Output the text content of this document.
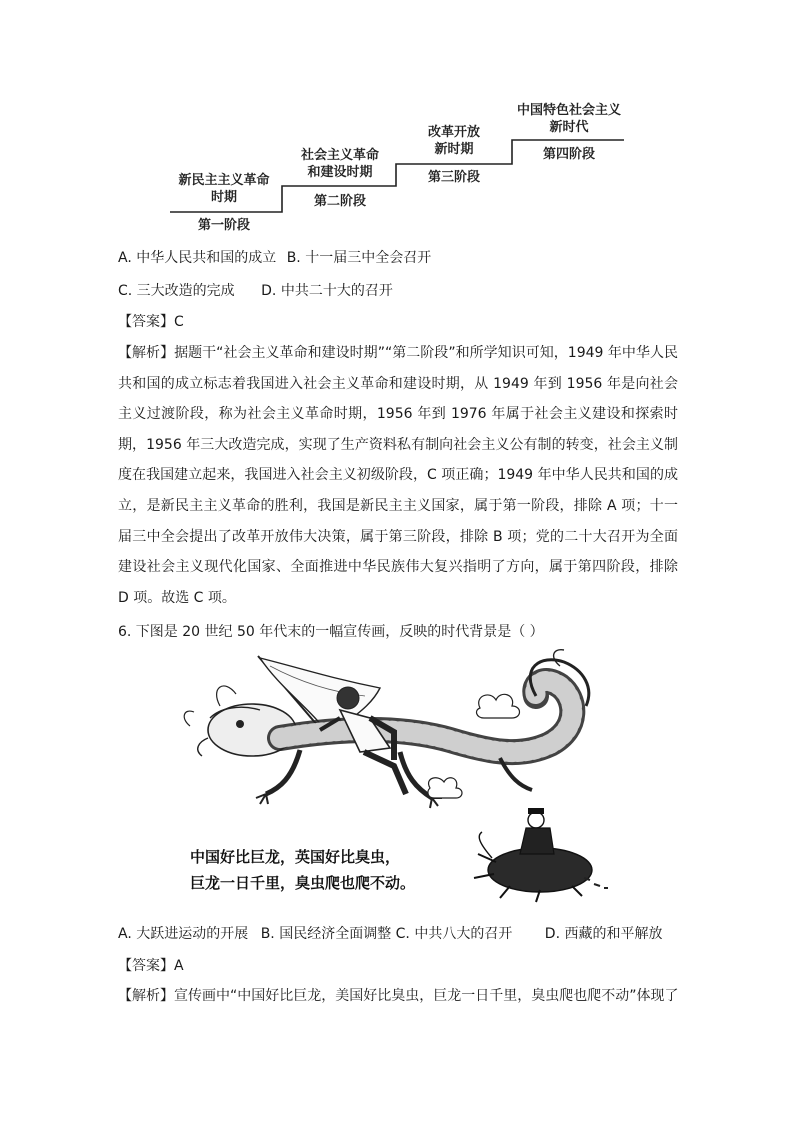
新民主主义革命
时期
第一阶段
社会主义革命
和建设时期
第二阶段
改革开放
新时期
第三阶段
中国特色社会主义
新时代
第四阶段
A. 中华人民共和国的成立 B. 十一届三中全会召开
C. 三大改造的完成 D. 中共二十大的召开
【答案】C
【解析】据题干“社会主义革命和建设时期”“第二阶段”和所学知识可知，1949 年中华人民共和国的成立标志着我国进入社会主义革命和建设时期，从 1949 年到 1956 年是向社会主义过渡阶段，称为社会主义革命时期，1956 年到 1976 年属于社会主义建设和探索时期，1956 年三大改造完成，实现了生产资料私有制向社会主义公有制的转变，社会主义制度在我国建立起来，我国进入社会主义初级阶段，C 项正确；1949 年中华人民共和国的成立，是新民主主义革命的胜利，我国是新民主主义国家，属于第一阶段，排除 A 项；十一届三中全会提出了改革开放伟大决策，属于第三阶段，排除 B 项；党的二十大召开为全面建设社会主义现代化国家、全面推进中华民族伟大复兴指明了方向，属于第四阶段，排除 D 项。故选 C 项。
6. 下图是 20 世纪 50 年代末的一幅宣传画，反映的时代背景是（ ）
中国好比巨龙，英国好比臭虫，
巨龙一日千里，臭虫爬也爬不动。
A. 大跃进运动的开展 B. 国民经济全面调整 C. 中共八大的召开 D. 西藏的和平解放
【答案】A
【解析】宣传画中“中国好比巨龙，美国好比臭虫，巨龙一日千里，臭虫爬也爬不动”体现了
